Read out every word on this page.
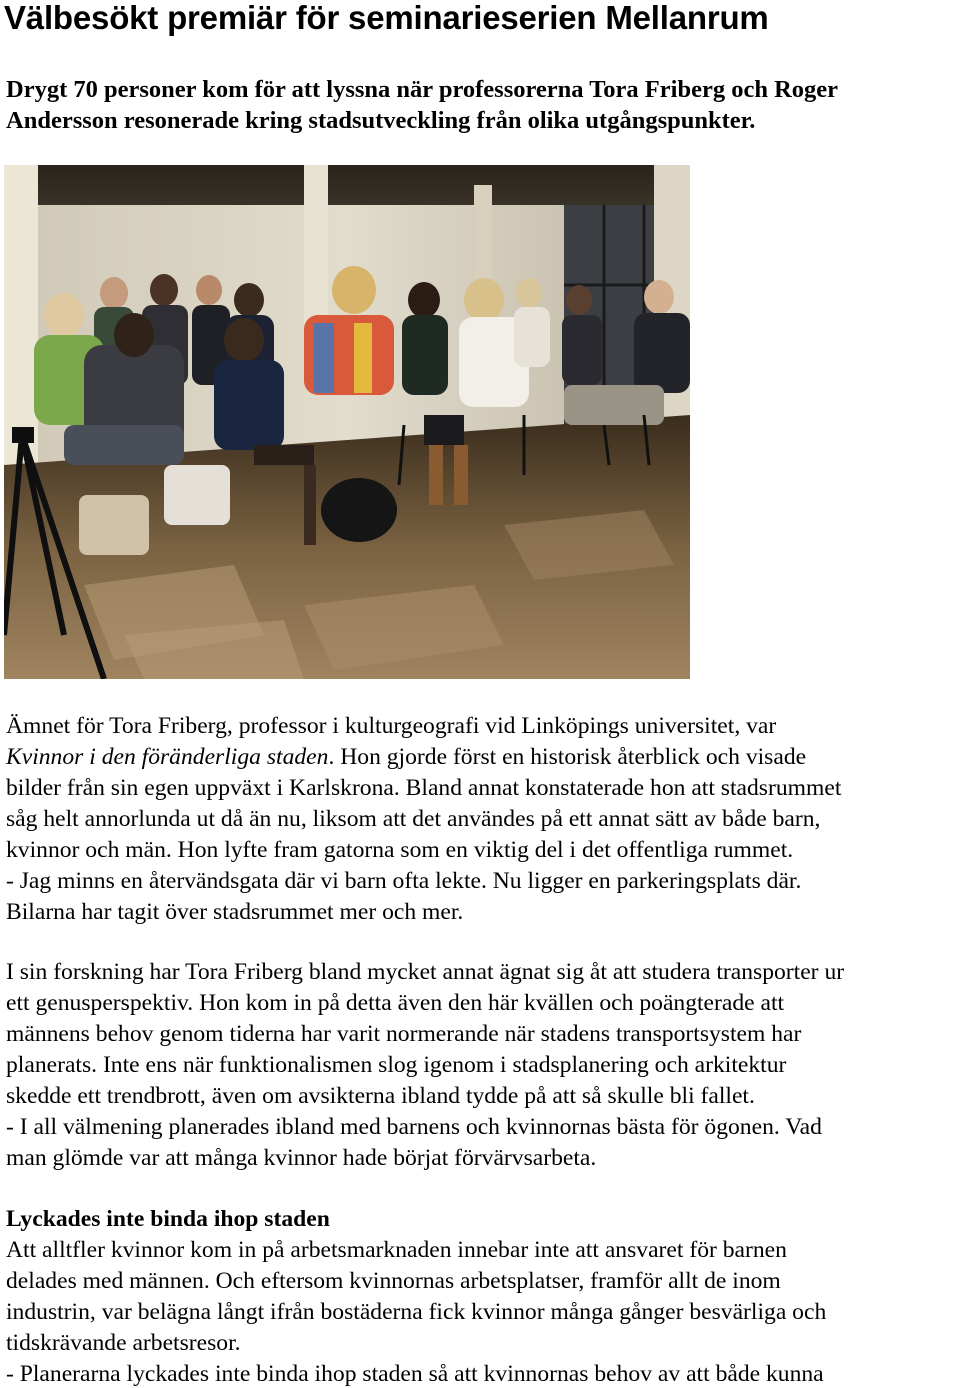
Välbesökt premiär för seminarieserien Mellanrum

Drygt 70 personer kom för att lyssna när professorerna Tora Friberg och Roger
Andersson resonerade kring stadsutveckling från olika utgångspunkter.

Ämnet för Tora Friberg, professor i kulturgeografi vid Linköpings universitet, var
Kvinnor i den föränderliga staden. Hon gjorde först en historisk återblick och visade
bilder från sin egen uppväxt i Karlskrona. Bland annat konstaterade hon att stadsrummet
såg helt annorlunda ut då än nu, liksom att det användes på ett annat sätt av både barn,
kvinnor och män. Hon lyfte fram gatorna som en viktig del i det offentliga rummet.
- Jag minns en återvändsgata där vi barn ofta lekte. Nu ligger en parkeringsplats där.
Bilarna har tagit över stadsrummet mer och mer.

I sin forskning har Tora Friberg bland mycket annat ägnat sig åt att studera transporter ur
ett genusperspektiv. Hon kom in på detta även den här kvällen och poängterade att
männens behov genom tiderna har varit normerande när stadens transportsystem har
planerats. Inte ens när funktionalismen slog igenom i stadsplanering och arkitektur
skedde ett trendbrott, även om avsikterna ibland tydde på att så skulle bli fallet.
- I all välmening planerades ibland med barnens och kvinnornas bästa för ögonen. Vad
man glömde var att många kvinnor hade börjat förvärvsarbeta.

Lyckades inte binda ihop staden
Att alltfler kvinnor kom in på arbetsmarknaden innebar inte att ansvaret för barnen
delades med männen. Och eftersom kvinnornas arbetsplatser, framför allt de inom
industrin, var belägna långt ifrån bostäderna fick kvinnor många gånger besvärliga och
tidskrävande arbetsresor.
- Planerarna lyckades inte binda ihop staden så att kvinnornas behov av att både kunna
